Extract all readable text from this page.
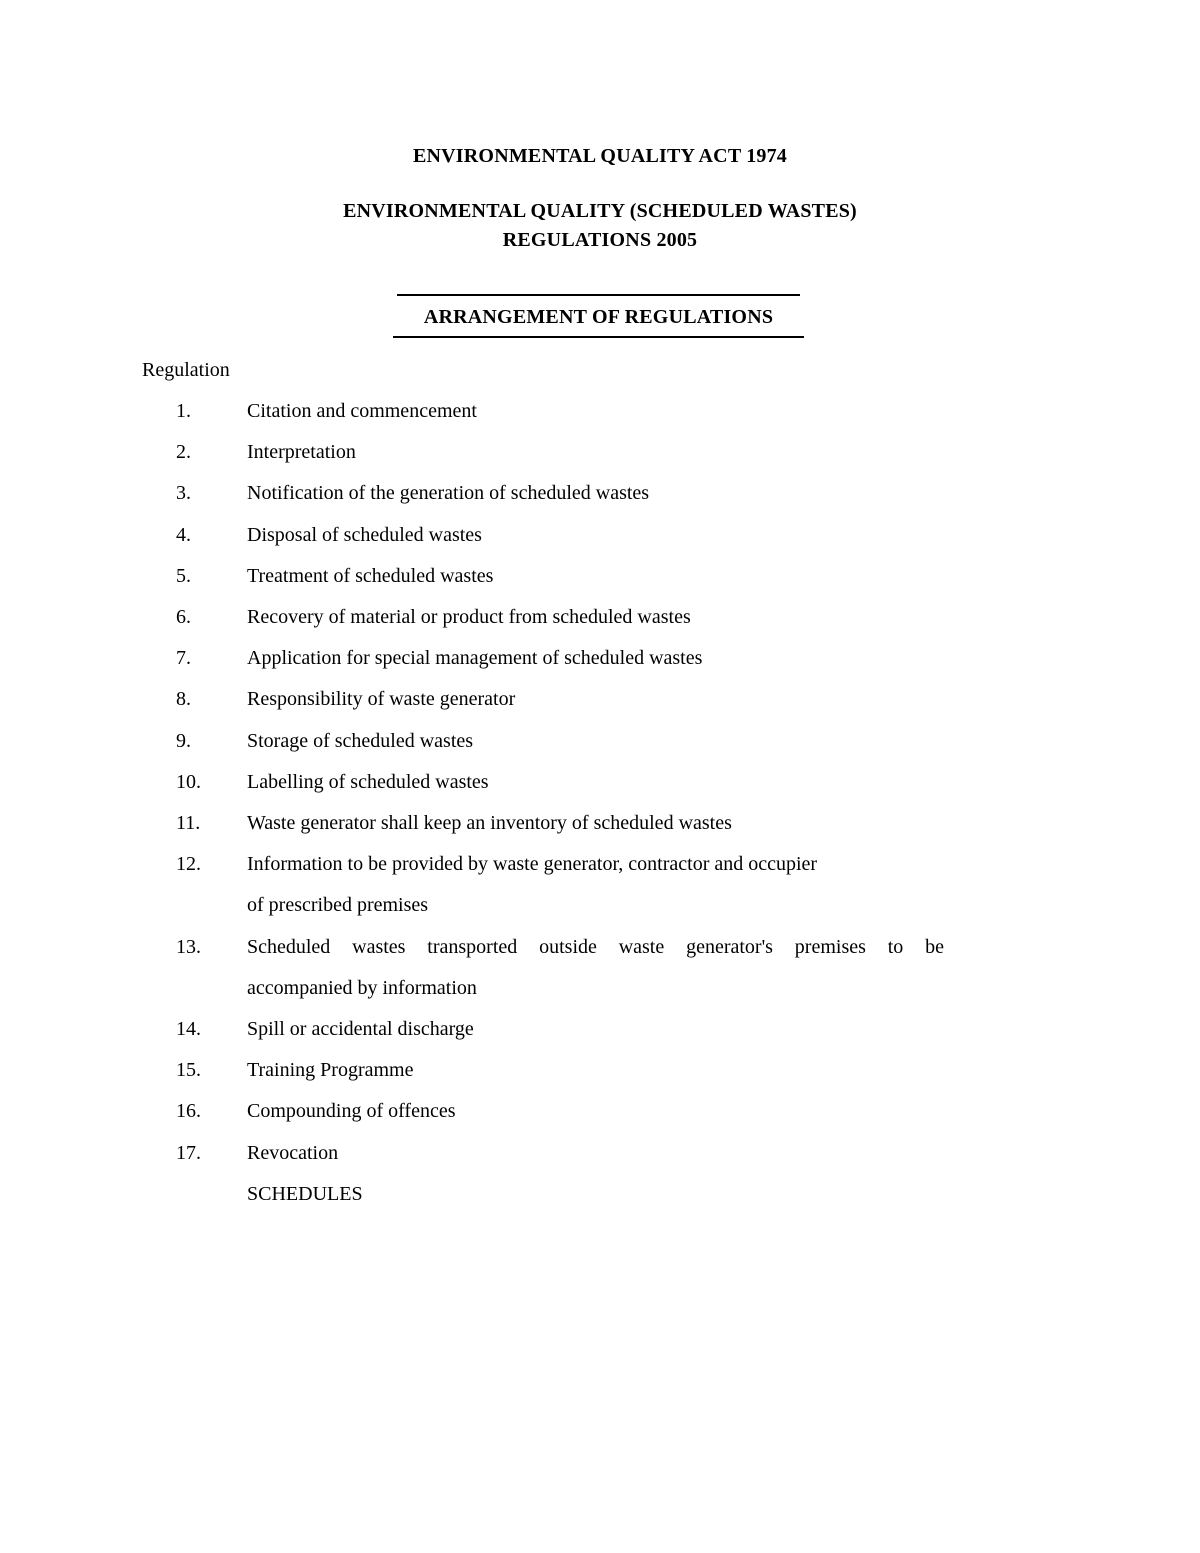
ENVIRONMENTAL QUALITY ACT 1974
ENVIRONMENTAL QUALITY (SCHEDULED WASTES)
REGULATIONS 2005
ARRANGEMENT OF REGULATIONS
Regulation
1.	Citation and commencement
2.	Interpretation
3.	Notification of the generation of scheduled wastes
4.	Disposal of scheduled wastes
5.	Treatment of scheduled wastes
6.	Recovery of material or product from scheduled wastes
7.	Application for special management of scheduled wastes
8.	Responsibility of waste generator
9.	Storage of scheduled wastes
10. Labelling of scheduled wastes
11. Waste generator shall keep an inventory of scheduled wastes
12. Information to be provided by waste generator, contractor and occupier
of prescribed premises
13. Scheduled wastes transported outside waste generator's premises to be
accompanied by information
14. Spill or accidental discharge
15. Training Programme
16. Compounding of offences
17. Revocation
SCHEDULES
